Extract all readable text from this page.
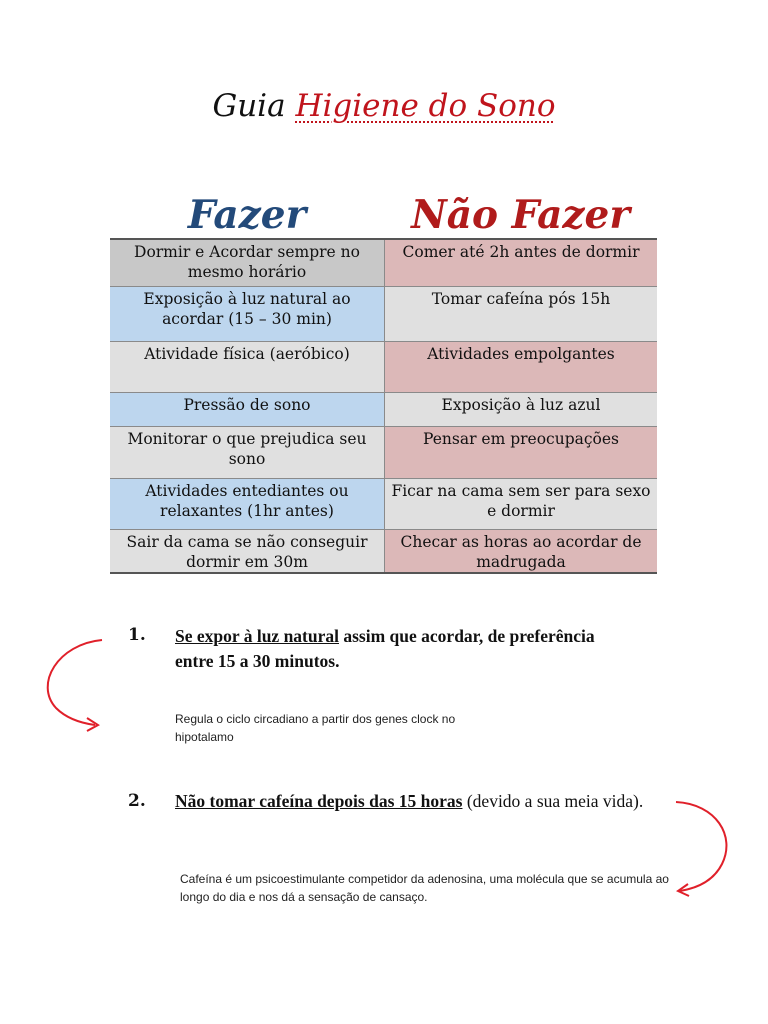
Guia Higiene do Sono
Fazer	Não Fazer
Dormir e Acordar sempre no mesmo horário	Comer até 2h antes de dormir
Exposição à luz natural ao acordar (15 – 30 min)	Tomar cafeína pós 15h
Atividade física (aeróbico)	Atividades empolgantes
Pressão de sono	Exposição à luz azul
Monitorar o que prejudica seu sono	Pensar em preocupações
Atividades entediantes ou relaxantes (1hr antes)	Ficar na cama sem ser para sexo e dormir
Sair da cama se não conseguir dormir em 30m	Checar as horas ao acordar de madrugada
1. Se expor à luz natural assim que acordar, de preferência entre 15 a 30 minutos.
Regula o ciclo circadiano a partir dos genes clock no hipotalamo
2. Não tomar cafeína depois das 15 horas (devido a sua meia vida).
Cafeína é um psicoestimulante competidor da adenosina, uma molécula que se acumula ao longo do dia e nos dá a sensação de cansaço.
